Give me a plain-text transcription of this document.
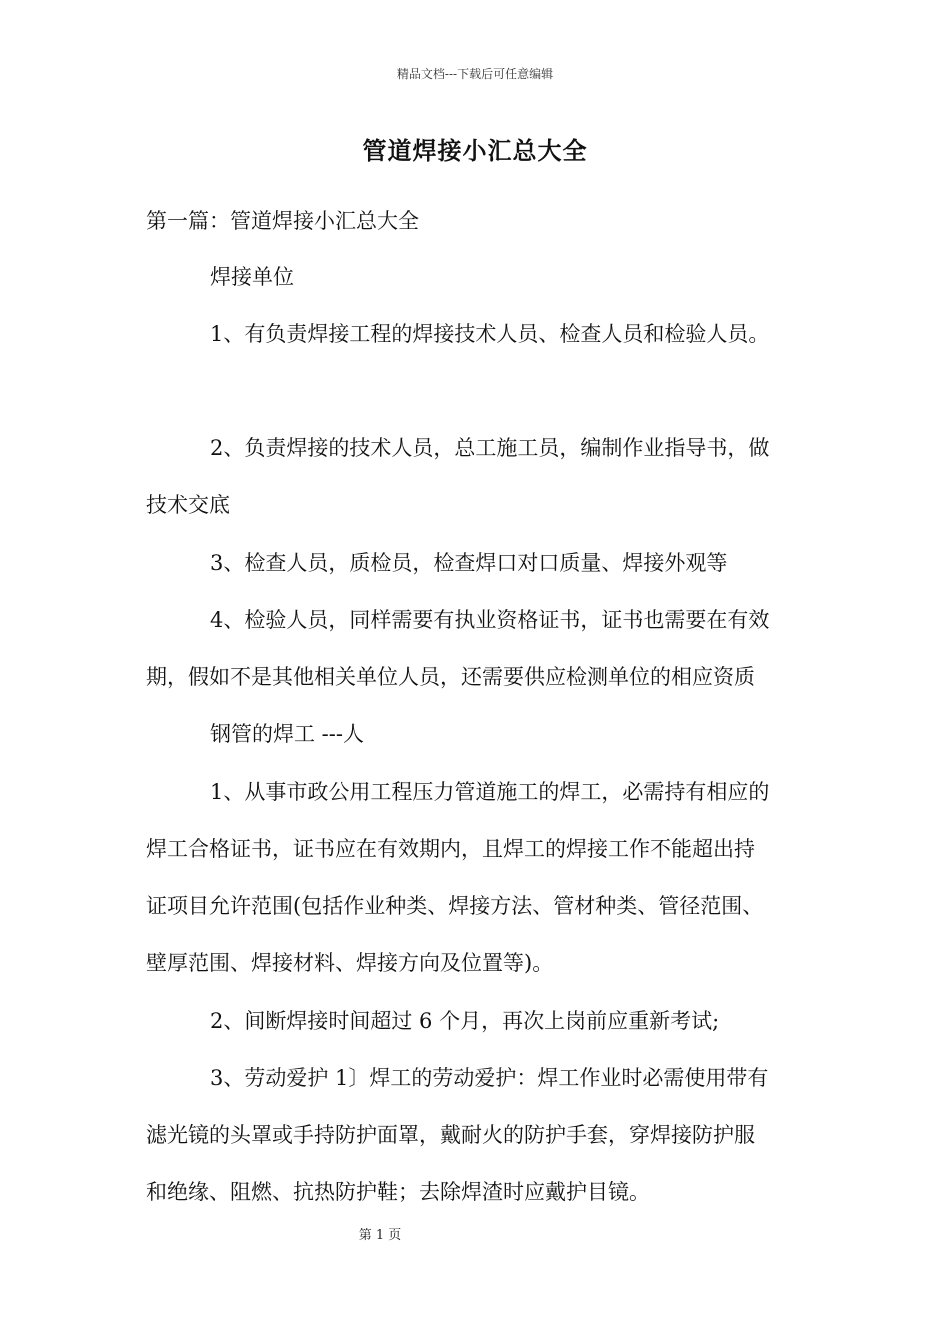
精品文档---下载后可任意编辑
管道焊接小汇总大全
第一篇：管道焊接小汇总大全
焊接单位
1、有负责焊接工程的焊接技术人员、检查人员和检验人员。
2、负责焊接的技术人员，总工施工员，编制作业指导书，做
技术交底
3、检查人员，质检员，检查焊口对口质量、焊接外观等
4、检验人员，同样需要有执业资格证书，证书也需要在有效
期，假如不是其他相关单位人员，还需要供应检测单位的相应资质
钢管的焊工 ---人
1、从事市政公用工程压力管道施工的焊工，必需持有相应的
焊工合格证书，证书应在有效期内，且焊工的焊接工作不能超出持
证项目允许范围(包括作业种类、焊接方法、管材种类、管径范围、
壁厚范围、焊接材料、焊接方向及位置等)。
2、间断焊接时间超过 6 个月，再次上岗前应重新考试;
3、劳动爱护 1〕焊工的劳动爱护：焊工作业时必需使用带有
滤光镜的头罩或手持防护面罩，戴耐火的防护手套，穿焊接防护服
和绝缘、阻燃、抗热防护鞋；去除焊渣时应戴护目镜。
第 1 页
